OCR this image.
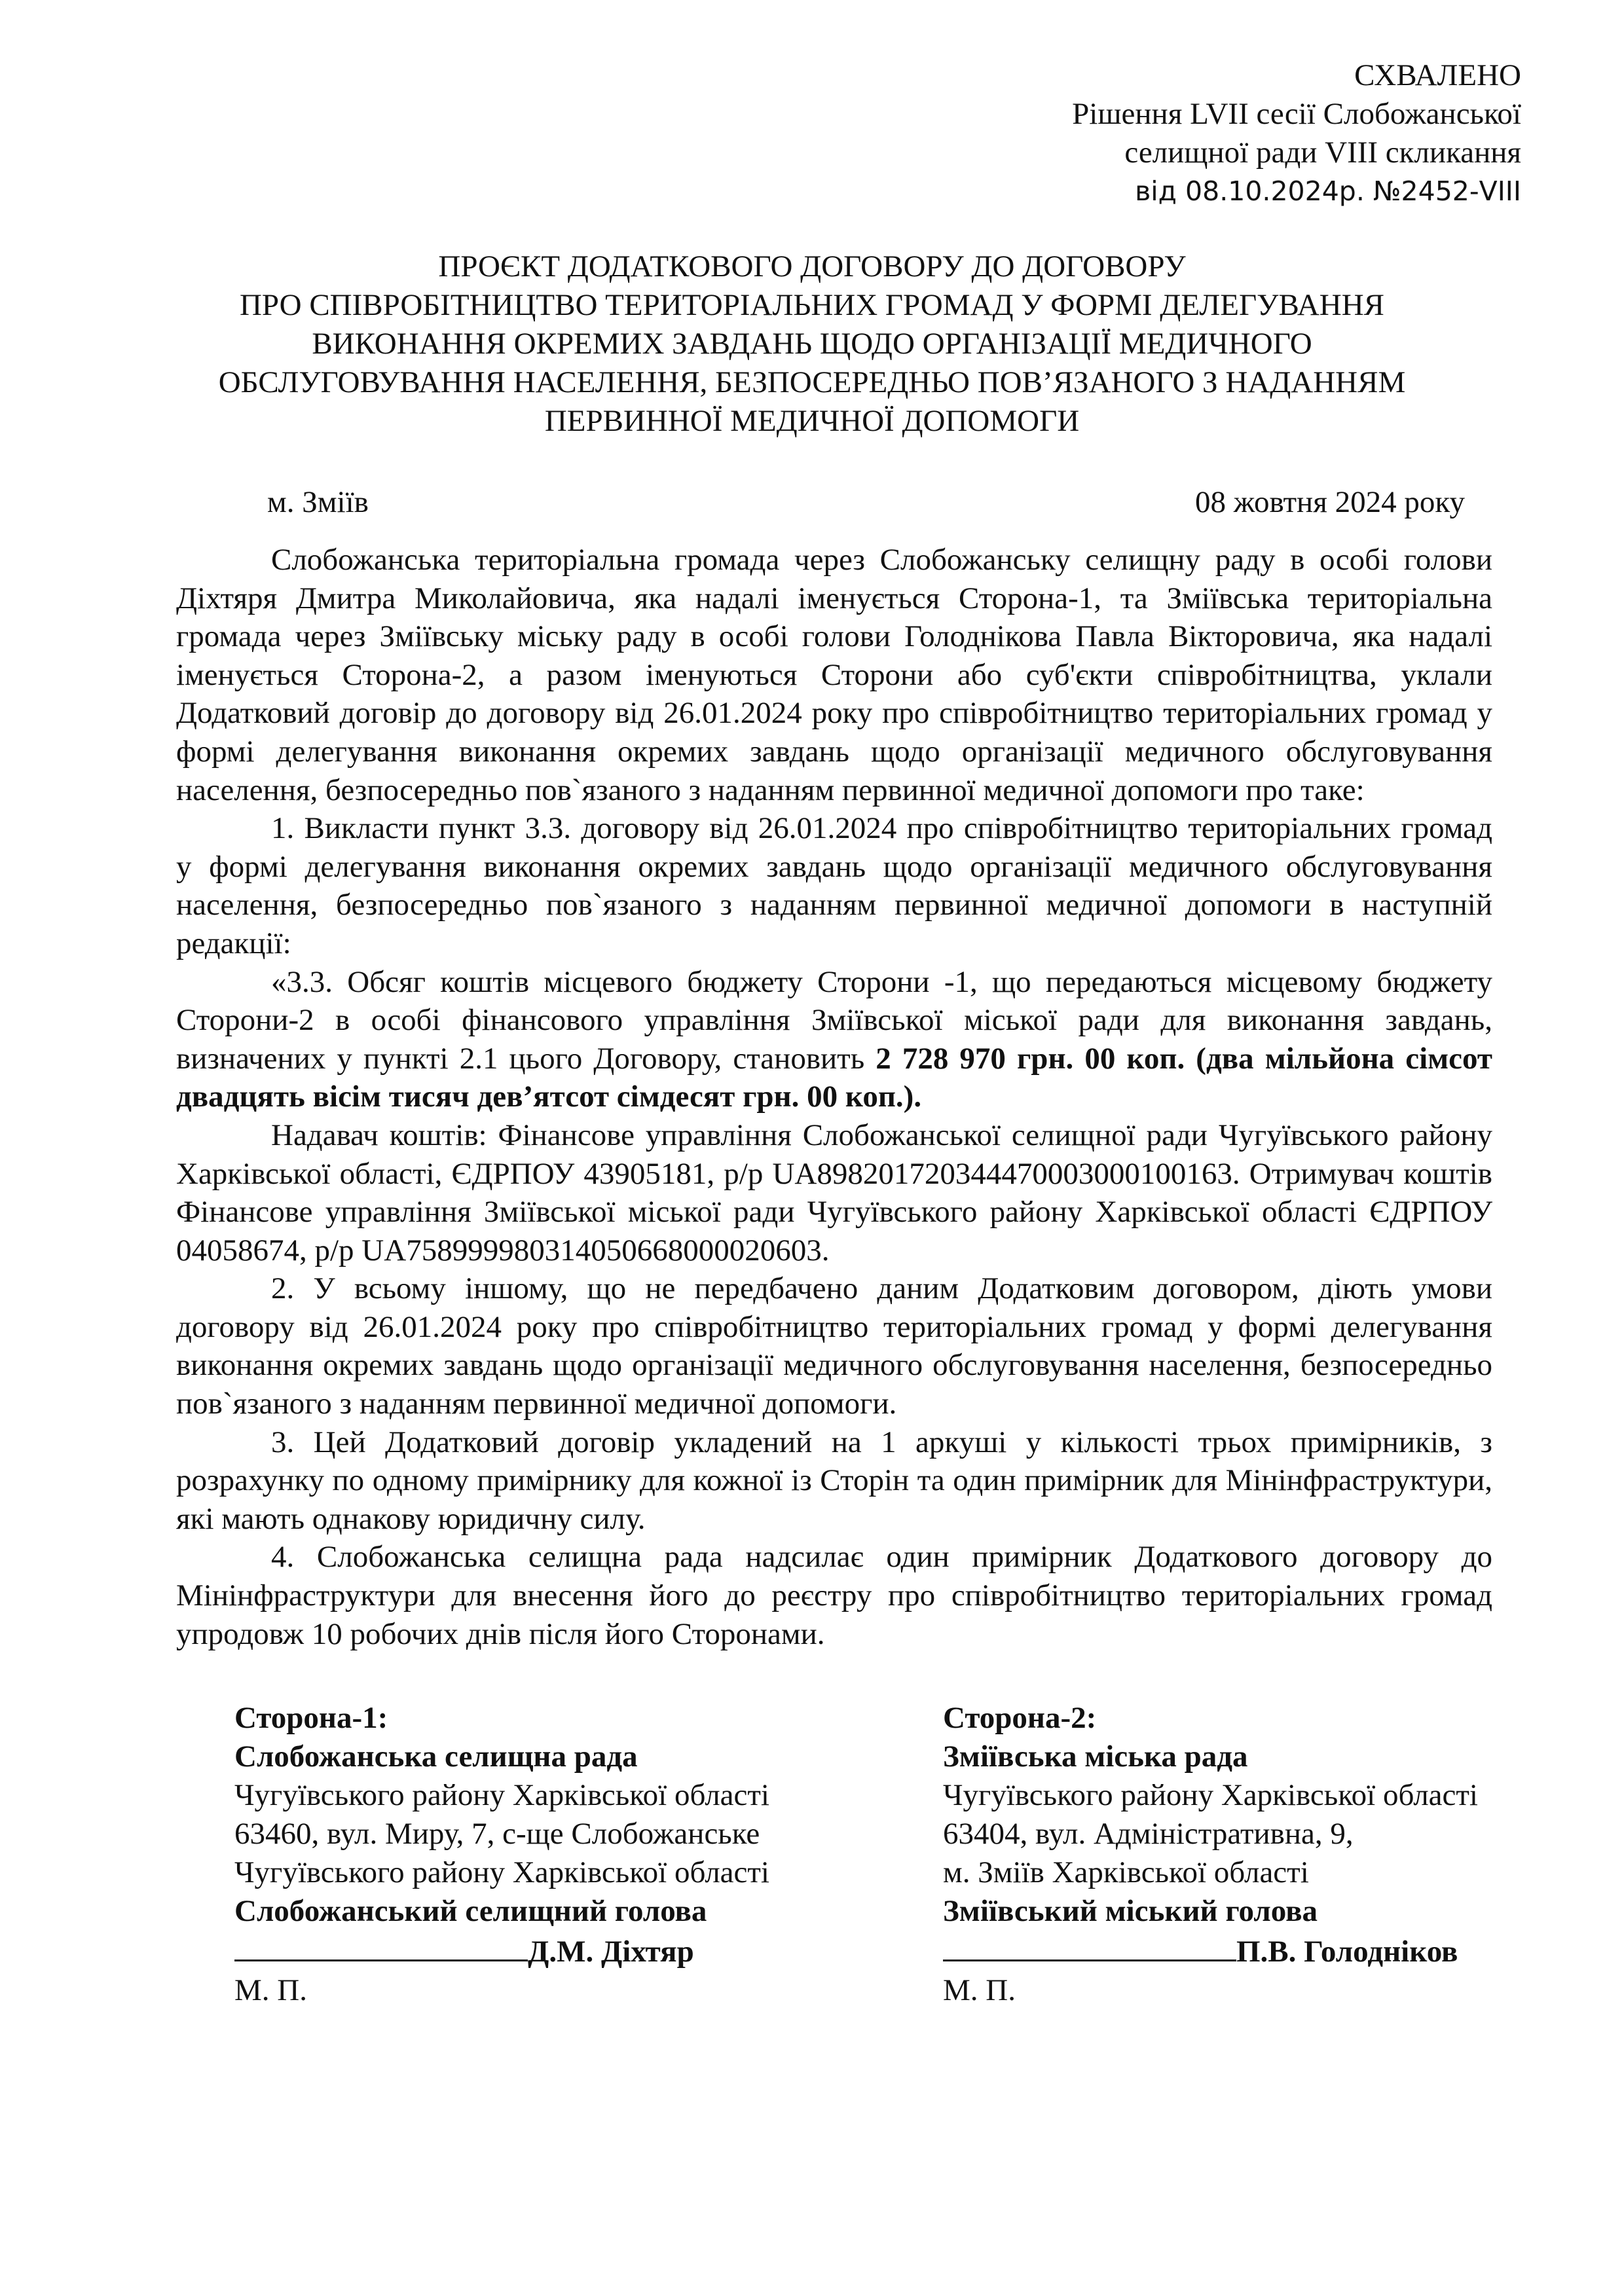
СХВАЛЕНО
Рішення LVII сесії Слобожанської
селищної ради VIII скликання
від 08.10.2024р. №2452-VIII
ПРОЄКТ ДОДАТКОВОГО ДОГОВОРУ ДО ДОГОВОРУ
ПРО СПІВРОБІТНИЦТВО ТЕРИТОРІАЛЬНИХ ГРОМАД У ФОРМІ ДЕЛЕГУВАННЯ
ВИКОНАННЯ ОКРЕМИХ ЗАВДАНЬ ЩОДО ОРГАНІЗАЦІЇ МЕДИЧНОГО
ОБСЛУГОВУВАННЯ НАСЕЛЕННЯ, БЕЗПОСЕРЕДНЬО ПОВ’ЯЗАНОГО З НАДАННЯМ
ПЕРВИННОЇ МЕДИЧНОЇ ДОПОМОГИ
м. Зміїв	08 жовтня 2024 року

Слобожанська територіальна громада через Слобожанську селищну раду в особі голови Діхтяря Дмитра Миколайовича, яка надалі іменується Сторона-1, та Зміївська територіальна громада через Зміївську міську раду в особі голови Голоднікова Павла Вікторовича, яка надалі іменується Сторона-2, а разом іменуються Сторони або суб'єкти співробітництва, уклали Додатковий договір до договору від 26.01.2024 року про співробітництво територіальних громад у формі делегування виконання окремих завдань щодо організації медичного обслуговування населення, безпосередньо пов`язаного з наданням первинної медичної допомоги про таке:

1. Викласти пункт 3.3. договору від 26.01.2024 про співробітництво територіальних громад у формі делегування виконання окремих завдань щодо організації медичного обслуговування населення, безпосередньо пов`язаного з наданням первинної медичної допомоги в наступній редакції:

«3.3. Обсяг коштів місцевого бюджету Сторони -1, що передаються місцевому бюджету Сторони-2 в особі фінансового управління Зміївської міської ради для виконання завдань, визначених у пункті 2.1 цього Договору, становить 2 728 970 грн. 00 коп. (два мільйона сімсот двадцять вісім тисяч дев’ятсот сімдесят грн. 00 коп.).

Надавач коштів: Фінансове управління Слобожанської селищної ради Чугуївського району Харківської області, ЄДРПОУ 43905181, р/р UA898201720344470003000100163. Отримувач коштів Фінансове управління Зміївської міської ради Чугуївського району Харківської області ЄДРПОУ 04058674, р/р UA758999980314050668000020603.

2. У всьому іншому, що не передбачено даним Додатковим договором, діють умови договору від 26.01.2024 року про співробітництво територіальних громад у формі делегування виконання окремих завдань щодо організації медичного обслуговування населення, безпосередньо пов`язаного з наданням первинної медичної допомоги.

3. Цей Додатковий договір укладений на 1 аркуші у кількості трьох примірників, з розрахунку по одному примірнику для кожної із Сторін та один примірник для Мінінфраструктури, які мають однакову юридичну силу.

4. Слобожанська селищна рада надсилає один примірник Додаткового договору до Мінінфраструктури для внесення його до реєстру про співробітництво територіальних громад упродовж 10 робочих днів після його Сторонами.

Сторона-1:
Слобожанська селищна рада
Чугуївського району Харківської області
63460, вул. Миру, 7, с-ще Слобожанське
Чугуївського району Харківської області
Слобожанський селищний голова
Д.М. Діхтяр
М. П.
Сторона-2:
Зміївська міська рада
Чугуївського району Харківської області
63404, вул. Адміністративна, 9,
м. Зміїв Харківської області
Зміївський міський голова
П.В. Голодніков
М. П.
